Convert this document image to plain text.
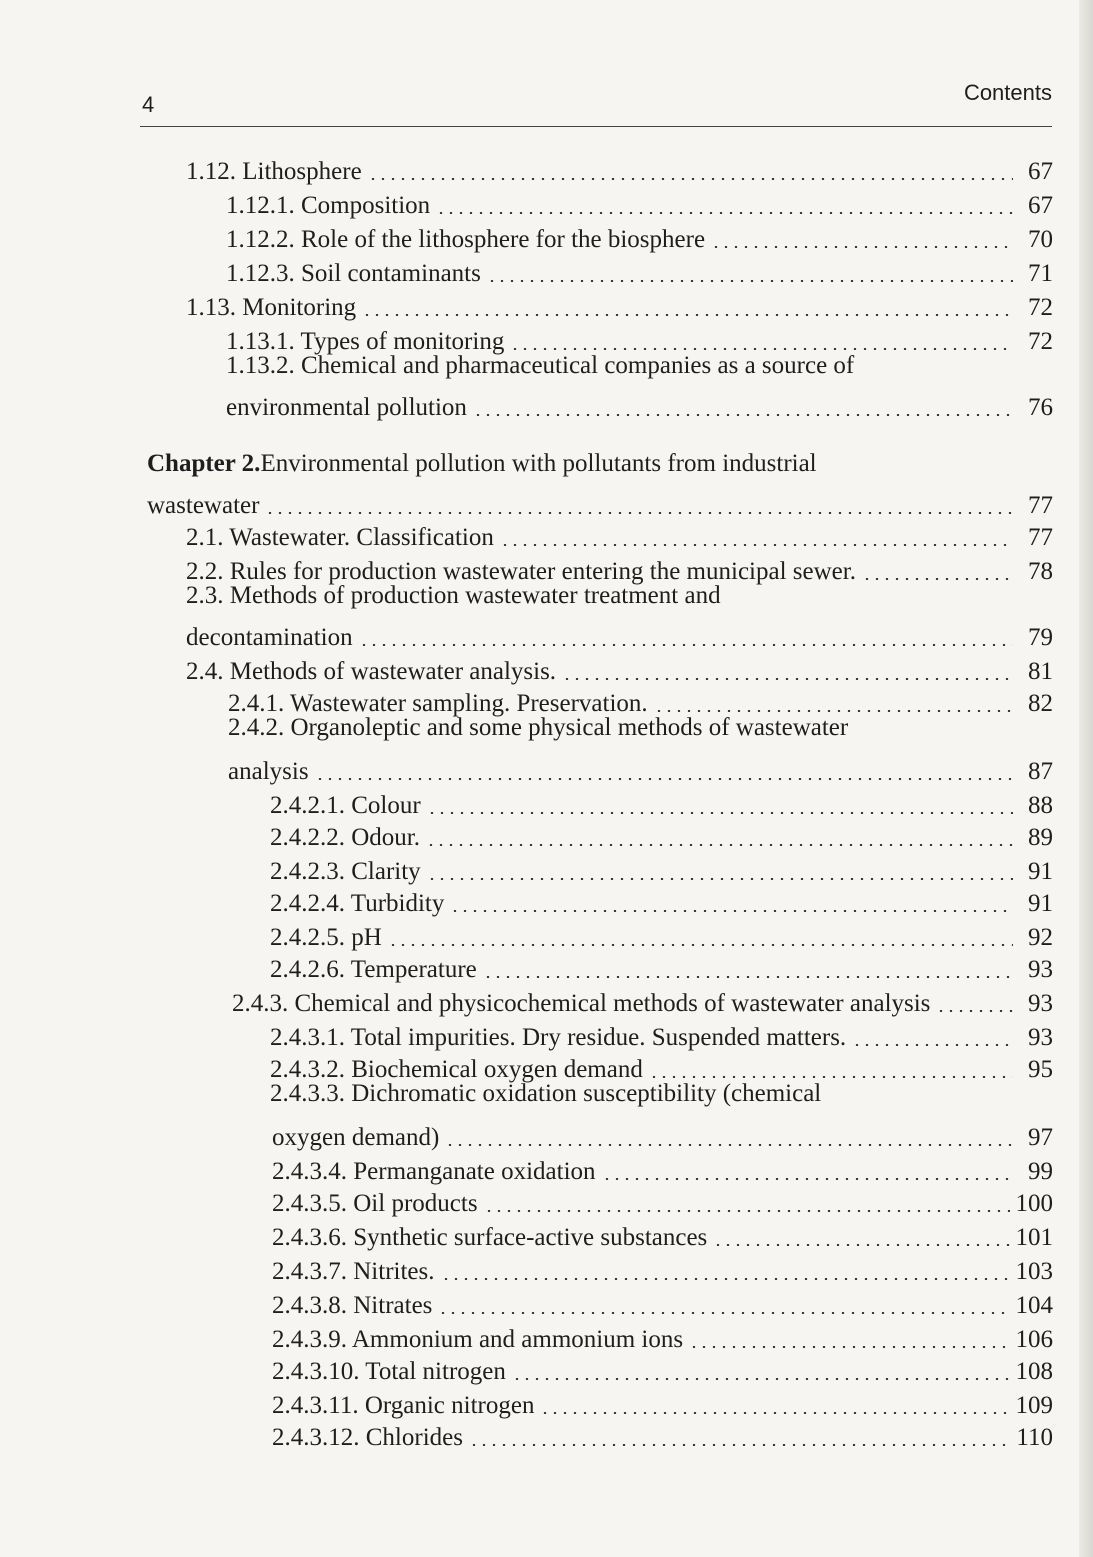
4	Contents
1.12. Lithosphere	67
1.12.1. Composition	67
1.12.2. Role of the lithosphere for the biosphere	70
1.12.3. Soil contaminants	71
1.13. Monitoring	72
1.13.1. Types of monitoring	72
1.13.2. Chemical and pharmaceutical companies as a source of
environmental pollution	76
Chapter 2.Environmental pollution with pollutants from industrial
wastewater	77
2.1. Wastewater. Classification	77
2.2. Rules for production wastewater entering the municipal sewer.	78
2.3. Methods of production wastewater treatment and
decontamination	79
2.4. Methods of wastewater analysis.	81
2.4.1. Wastewater sampling. Preservation.	82
2.4.2. Organoleptic and some physical methods of wastewater
analysis	87
2.4.2.1. Colour	88
2.4.2.2. Odour.	89
2.4.2.3. Clarity	91
2.4.2.4. Turbidity	91
2.4.2.5. pH	92
2.4.2.6. Temperature	93
2.4.3. Chemical and physicochemical methods of wastewater analysis	93
2.4.3.1. Total impurities. Dry residue. Suspended matters.	93
2.4.3.2. Biochemical oxygen demand	95
2.4.3.3. Dichromatic oxidation susceptibility (chemical
oxygen demand)	97
2.4.3.4. Permanganate oxidation	99
2.4.3.5. Oil products	100
2.4.3.6. Synthetic surface-active substances	101
2.4.3.7. Nitrites.	103
2.4.3.8. Nitrates	104
2.4.3.9. Ammonium and ammonium ions	106
2.4.3.10. Total nitrogen	108
2.4.3.11. Organic nitrogen	109
2.4.3.12. Chlorides	110
